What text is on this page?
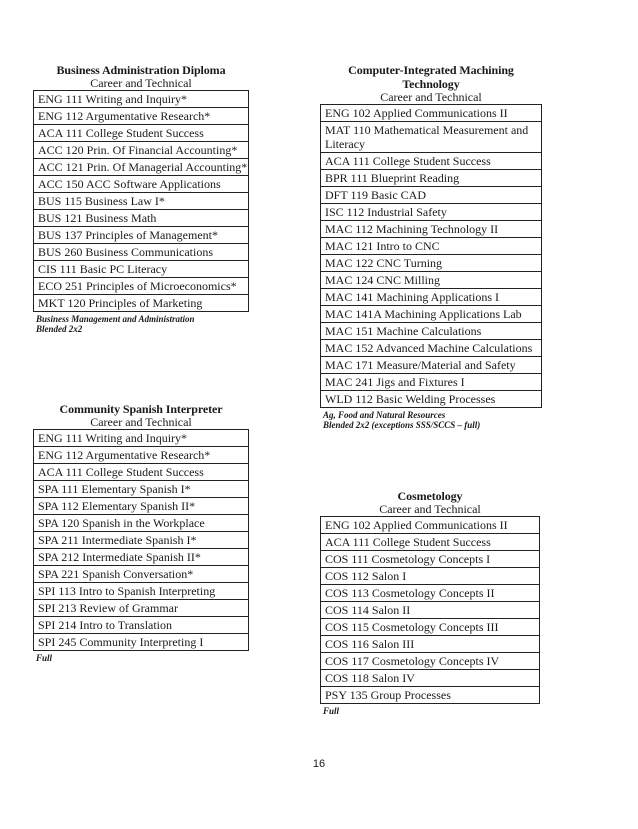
Business Administration Diploma
Career and Technical
ENG 111 Writing and Inquiry*
ENG 112 Argumentative Research*
ACA 111 College Student Success
ACC 120 Prin. Of Financial Accounting*
ACC 121 Prin. Of Managerial Accounting*
ACC 150 ACC Software Applications
BUS 115 Business Law I*
BUS 121 Business Math
BUS 137 Principles of Management*
BUS 260 Business Communications
CIS 111 Basic PC Literacy
ECO 251 Principles of Microeconomics*
MKT 120 Principles of Marketing
Business Management and Administration
Blended 2x2
Community Spanish Interpreter
Career and Technical
ENG 111 Writing and Inquiry*
ENG 112 Argumentative Research*
ACA 111 College Student Success
SPA 111 Elementary Spanish I*
SPA 112 Elementary Spanish II*
SPA 120 Spanish in the Workplace
SPA 211 Intermediate Spanish I*
SPA 212 Intermediate Spanish II*
SPA 221 Spanish Conversation*
SPI 113 Intro to Spanish Interpreting
SPI 213 Review of Grammar
SPI 214 Intro to Translation
SPI 245 Community Interpreting I
Full
Computer-Integrated Machining Technology
Career and Technical
ENG 102 Applied Communications II
MAT 110 Mathematical Measurement and Literacy
ACA 111 College Student Success
BPR 111 Blueprint Reading
DFT 119 Basic CAD
ISC 112 Industrial Safety
MAC 112 Machining Technology II
MAC 121 Intro to CNC
MAC 122 CNC Turning
MAC 124 CNC Milling
MAC 141 Machining Applications I
MAC 141A Machining Applications Lab
MAC 151 Machine Calculations
MAC 152 Advanced Machine Calculations
MAC 171 Measure/Material and Safety
MAC 241 Jigs and Fixtures I
WLD 112 Basic Welding Processes
Ag, Food and Natural Resources
Blended 2x2 (exceptions SSS/SCCS – full)
Cosmetology
Career and Technical
ENG 102 Applied Communications II
ACA 111 College Student Success
COS 111 Cosmetology Concepts I
COS 112 Salon I
COS 113 Cosmetology Concepts II
COS 114 Salon II
COS 115 Cosmetology Concepts III
COS 116 Salon III
COS 117 Cosmetology Concepts IV
COS 118 Salon IV
PSY 135 Group Processes
Full
16
